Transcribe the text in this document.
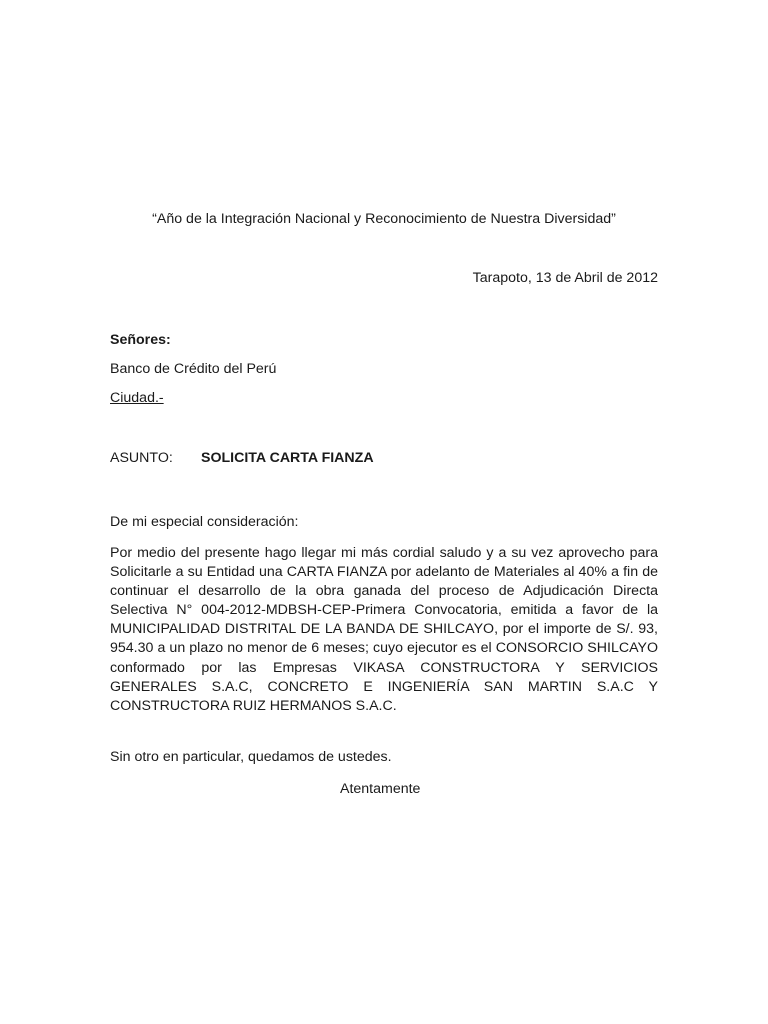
“Año de la Integración Nacional y Reconocimiento de Nuestra Diversidad”
Tarapoto, 13 de Abril de 2012
Señores:
Banco de Crédito del Perú
Ciudad.-
ASUNTO: SOLICITA CARTA FIANZA
De mi especial consideración:
Por medio del presente hago llegar mi más cordial saludo y a su vez aprovecho para Solicitarle a su Entidad una CARTA FIANZA por adelanto de Materiales al 40% a fin de continuar el desarrollo de la obra ganada del proceso de Adjudicación Directa Selectiva N° 004-2012-MDBSH-CEP-Primera Convocatoria, emitida a favor de la MUNICIPALIDAD DISTRITAL DE LA BANDA DE SHILCAYO, por el importe de S/. 93, 954.30 a un plazo no menor de 6 meses; cuyo ejecutor es el CONSORCIO SHILCAYO conformado por las Empresas VIKASA CONSTRUCTORA Y SERVICIOS GENERALES S.A.C, CONCRETO E INGENIERÍA SAN MARTIN S.A.C Y CONSTRUCTORA RUIZ HERMANOS S.A.C.
Sin otro en particular, quedamos de ustedes.
Atentamente
